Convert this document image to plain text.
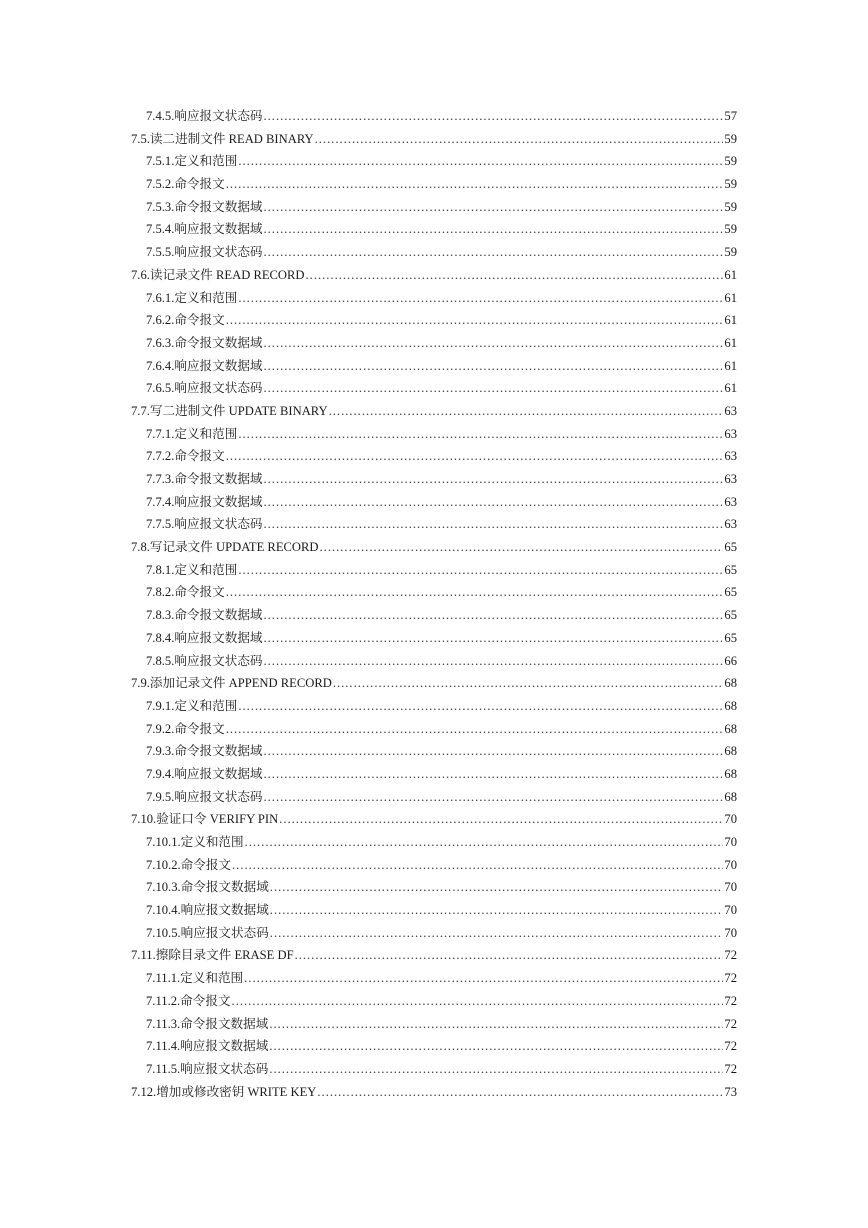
7.4.5. 响应报文状态码 .....	57
7.5. 读二进制文件 READ BINARY .....	59
7.5.1. 定义和范围 .....	59
7.5.2. 命令报文 .....	59
7.5.3. 命令报文数据域 .....	59
7.5.4. 响应报文数据域 .....	59
7.5.5. 响应报文状态码 .....	59
7.6. 读记录文件 READ RECORD .....	61
7.6.1. 定义和范围 .....	61
7.6.2. 命令报文 .....	61
7.6.3. 命令报文数据域 .....	61
7.6.4. 响应报文数据域 .....	61
7.6.5. 响应报文状态码 .....	61
7.7. 写二进制文件 UPDATE BINARY .....	63
7.7.1. 定义和范围 .....	63
7.7.2. 命令报文 .....	63
7.7.3. 命令报文数据域 .....	63
7.7.4. 响应报文数据域 .....	63
7.7.5. 响应报文状态码 .....	63
7.8. 写记录文件 UPDATE RECORD .....	65
7.8.1. 定义和范围 .....	65
7.8.2. 命令报文 .....	65
7.8.3. 命令报文数据域 .....	65
7.8.4. 响应报文数据域 .....	65
7.8.5. 响应报文状态码 .....	66
7.9. 添加记录文件 APPEND RECORD .....	68
7.9.1. 定义和范围 .....	68
7.9.2. 命令报文 .....	68
7.9.3. 命令报文数据域 .....	68
7.9.4. 响应报文数据域 .....	68
7.9.5. 响应报文状态码 .....	68
7.10. 验证口令 VERIFY PIN .....	70
7.10.1. 定义和范围 .....	70
7.10.2. 命令报文 .....	70
7.10.3. 命令报文数据域 .....	70
7.10.4. 响应报文数据域 .....	70
7.10.5. 响应报文状态码 .....	70
7.11. 擦除目录文件 ERASE DF .....	72
7.11.1. 定义和范围 .....	72
7.11.2. 命令报文 .....	72
7.11.3. 命令报文数据域 .....	72
7.11.4. 响应报文数据域 .....	72
7.11.5. 响应报文状态码 .....	72
7.12. 增加或修改密钥 WRITE KEY .....	73
